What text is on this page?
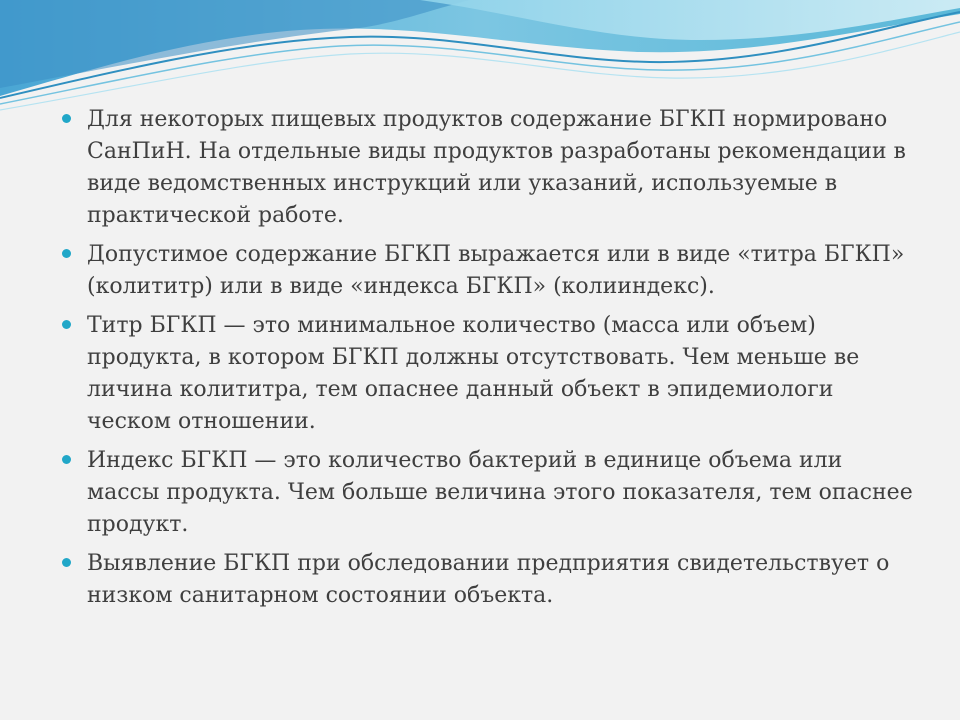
Для некоторых пищевых продуктов содержание БГКП нормировано СанПиН. На отдельные виды продуктов разработаны рекомендации в виде ведомственных инструкций или указаний, используемые в практической работе.
Допустимое содержание БГКП выражается или в виде «титра БГКП» (колититр) или в виде «индекса БГКП» (колииндекс).
Титр БГКП — это минимальное количество (масса или объем) продукта, в котором БГКП должны отсутствовать. Чем меньше ве личина колититра, тем опаснее данный объект в эпидемиологи ческом отношении.
Индекс БГКП — это количество бактерий в единице объема или массы продукта. Чем больше величина этого показателя, тем опаснее продукт.
Выявление БГКП при обследовании предприятия свидетельствует о низком санитарном состоянии объекта.
